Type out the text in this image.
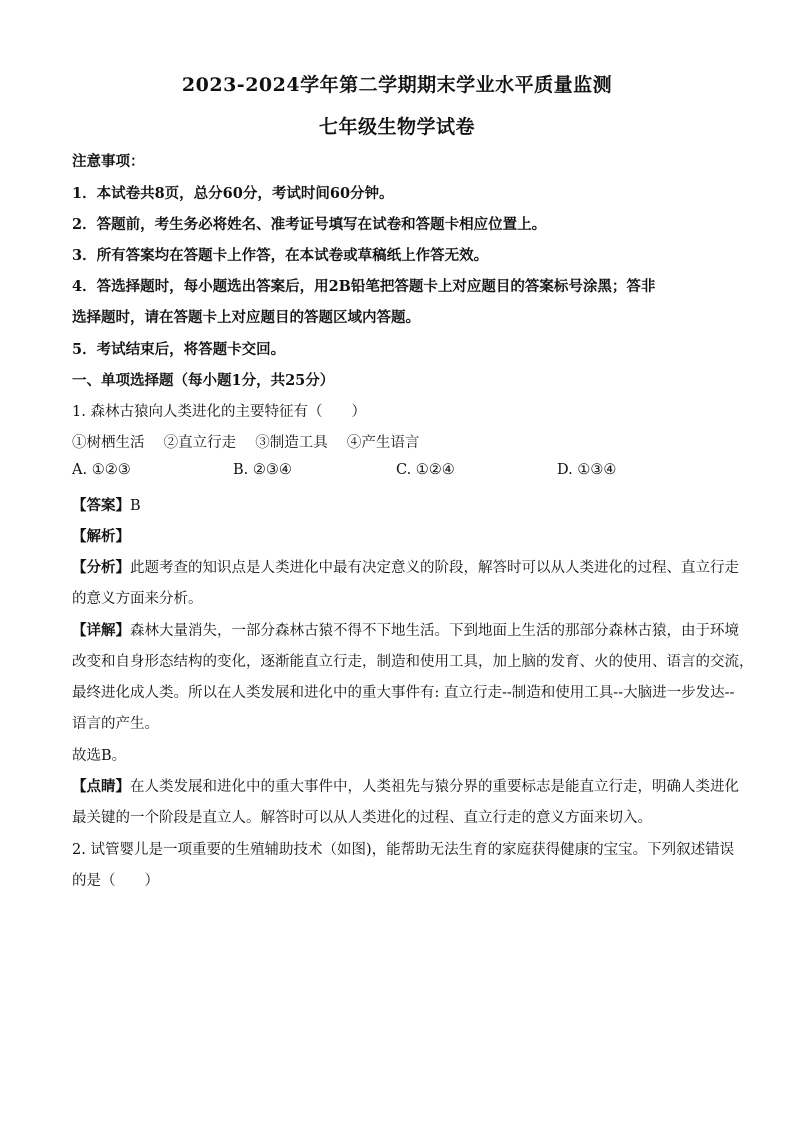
2023-2024学年第二学期期末学业水平质量监测
七年级生物学试卷
注意事项：
1．本试卷共8页，总分60分，考试时间60分钟。
2．答题前，考生务必将姓名、准考证号填写在试卷和答题卡相应位置上。
3．所有答案均在答题卡上作答，在本试卷或草稿纸上作答无效。
4．答选择题时，每小题选出答案后，用2B铅笔把答题卡上对应题目的答案标号涂黑；答非
选择题时，请在答题卡上对应题目的答题区域内答题。
5．考试结束后，将答题卡交回。
一、单项选择题（每小题1分，共25分）
1. 森林古猿向人类进化的主要特征有（　　）
①树栖生活　 ②直立行走　 ③制造工具　 ④产生语言
A. ①②③	B. ②③④	C. ①②④	D. ①③④
【答案】B
【解析】
【分析】此题考查的知识点是人类进化中最有决定意义的阶段，解答时可以从人类进化的过程、直立行走
的意义方面来分析。
【详解】森林大量消失，一部分森林古猿不得不下地生活。下到地面上生活的那部分森林古猿，由于环境
改变和自身形态结构的变化，逐渐能直立行走，制造和使用工具，加上脑的发育、火的使用、语言的交流，
最终进化成人类。所以在人类发展和进化中的重大事件有: 直立行走--制造和使用工具--大脑进一步发达--
语言的产生。
故选B。
【点睛】在人类发展和进化中的重大事件中，人类祖先与猿分界的重要标志是能直立行走，明确人类进化
最关键的一个阶段是直立人。解答时可以从人类进化的过程、直立行走的意义方面来切入。
2. 试管婴儿是一项重要的生殖辅助技术（如图)，能帮助无法生育的家庭获得健康的宝宝。下列叙述错误
的是（　　）
